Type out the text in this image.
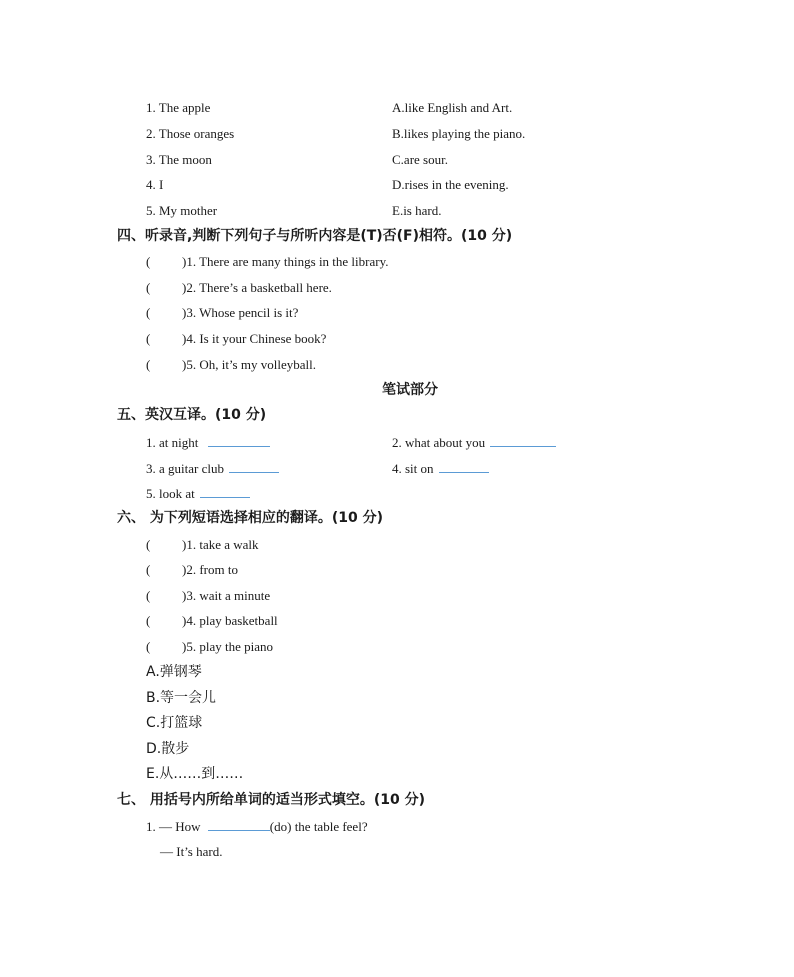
1. The apple	A.like English and Art.
2. Those oranges	B.likes playing the piano.
3. The moon	C.are sour.
4. I	D.rises in the evening.
5. My mother	E.is hard.
四、听录音,判断下列句子与所听内容是(T)否(F)相符。(10 分)
( )1. There are many things in the library.
( )2. There’s a basketball here.
( )3. Whose pencil is it?
( )4. Is it your Chinese book?
( )5. Oh, it’s my volleyball.
笔试部分
五、英汉互译。(10 分)
1. at night	2. what about you
3. a guitar club	4. sit on
5. look at
六、 为下列短语选择相应的翻译。(10 分)
( )1. take a walk
( )2. from to
( )3. wait a minute
( )4. play basketball
( )5. play the piano
A.弹钢琴
B.等一会儿
C.打篮球
D.散步
E.从……到……
七、 用括号内所给单词的适当形式填空。(10 分)
1. — How	(do) the table feel?
— It’s hard.
